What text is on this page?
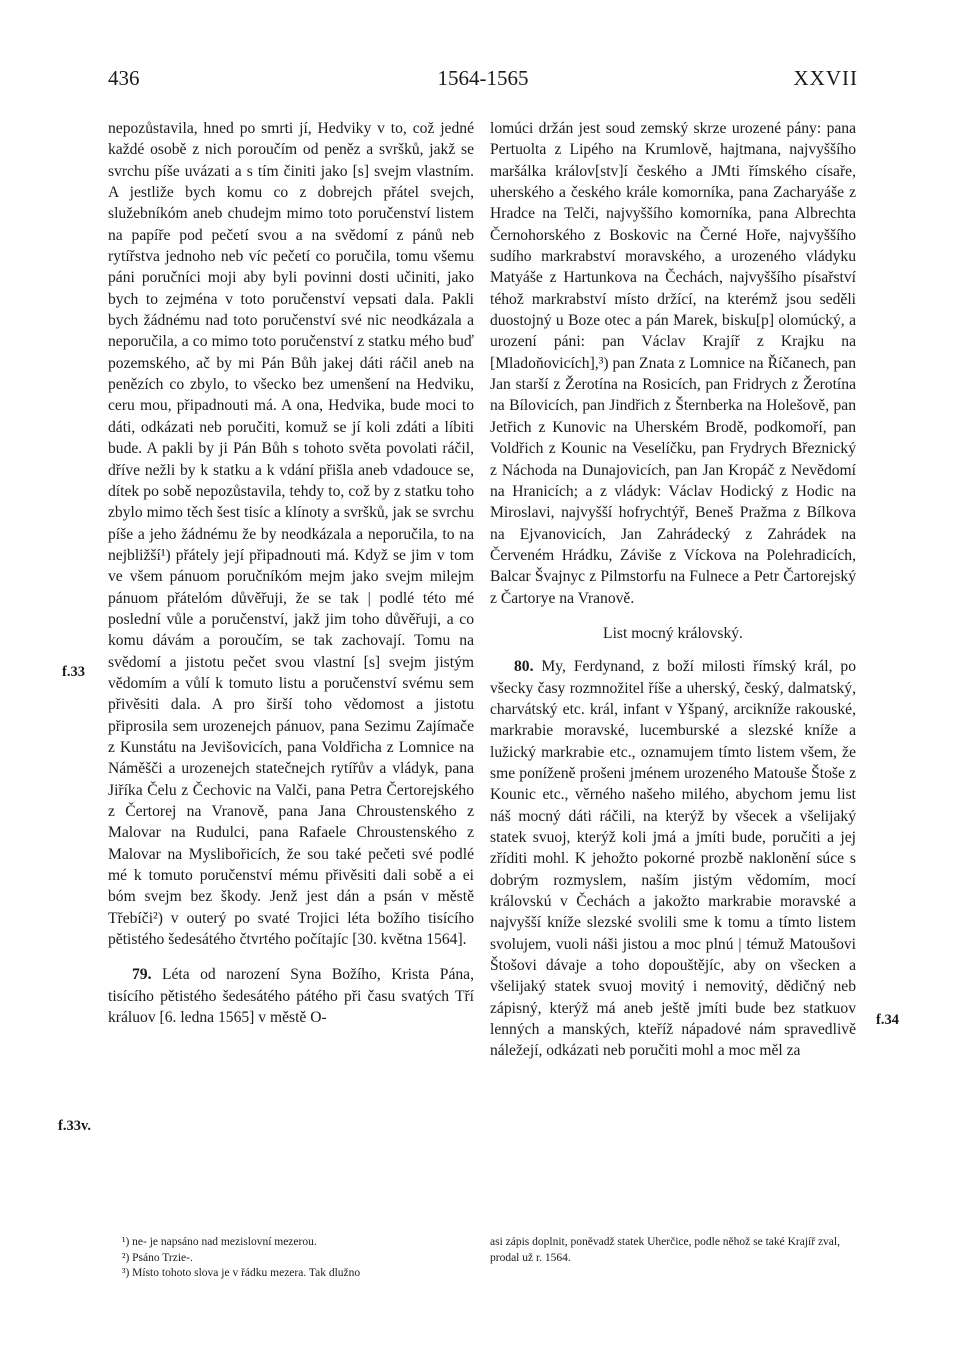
436	1564-1565	XXVII

nepozůstavila, hned po smrti jí, Hedviky v to, což jedné každé osobě z nich poroučím od peněz a svršků, jakž se svrchu píše uvázati a s tím činiti jako [s] svejm vlastním. A jestliže bych komu co z dobrejch přátel svejch, služebníkóm aneb chudejm mimo toto poručenství listem na papíře pod pečetí svou a na svědomí z pánů neb rytířstva jednoho neb víc pečetí co poručila, tomu všemu páni poručníci moji aby byli povinni dosti učiniti, jako bych to zejména v toto poručenství vepsati dala. Pakli bych žádnému nad toto poručenství své nic neodkázala a neporučila, a co mimo toto poručenství z statku mého buď pozemského, ač by mi Pán Bůh jakej dáti ráčil aneb na penězích co zbylo, to všecko bez umenšení na Hedviku, ceru mou, připadnouti má. A ona, Hedvika, bude moci to dáti, odkázati neb poručiti, komuž se jí koli zdáti a líbiti bude. A pakli by ji Pán Bůh s tohoto světa povolati ráčil, dříve nežli by k statku a k vdání přišla aneb vdadouce se, dítek po sobě nepozůstavila, tehdy to, což by z statku toho zbylo mimo těch šest tisíc a klínoty a svršků, jak se svrchu píše a jeho žádnému že by neodkázala a neporučila, to na nejbližší¹) přátely její připadnouti má. Když se jim v tom ve všem pánuom poručníkóm mejm jako svejm milejm pánuom přátelóm důvěřuji, že se tak | podlé této mé poslední vůle a poručenství, jakž jim toho důvěřuji, a co komu dávám a poroučím, se tak zachovají. Tomu na svědomí a jistotu pečet svou vlastní [s] svejm jistým vědomím a vůlí k tomuto listu a poručenství svému sem přivěsiti dala. A pro širší toho vědomost a jistotu připrosila sem urozenejch pánuov, pana Sezimu Zajímače z Kunstátu na Jevišovicích, pana Voldřicha z Lomnice na Náměšči a urozenejch statečnejch rytířův a vládyk, pana Jiříka Čelu z Čechovic na Valči, pana Petra Čertorejského z Čertorej na Vranově, pana Jana Chroustenského z Malovar na Rudulci, pana Rafaele Chroustenského z Malovar na Myslibořicích, že sou také pečeti své podlé mé k tomuto poručenství mému přivěsiti dali sobě a ei bóm svejm bez škody. Jenž jest dán a psán v městě Třebíči²) v outerý po svaté Trojici léta božího tisícího pětistého šedesátého čtvrtého počítajíc [30. května 1564].

79. Léta od narození Syna Božího, Krista Pána, tisícího pětistého šedesátého pátého při času svatých Tří králuov [6. ledna 1565] v městě O-

lomúci držán jest soud zemský skrze urozené pány: pana Pertuolta z Lipého na Krumlově, hajtmana, najvyššího maršálka králov[stv]í českého a JMti římského císaře, uherského a českého krále komorníka, pana Zacharyáše z Hradce na Telči, najvyššího komorníka, pana Albrechta Černohorského z Boskovic na Černé Hoře, najvyššího sudího markrabství moravského, a urozeného vládyku Matyáše z Hartunkova na Čechách, najvyššího písařství téhož markrabství místo držící, na kterémž jsou seděli duostojný u Boze otec a pán Marek, bisku[p] olomúcký, a urození páni: pan Václav Krajíř z Krajku na [Mladoňovicích],³) pan Znata z Lomnice na Říčanech, pan Jan starší z Žerotína na Rosicích, pan Fridrych z Žerotína na Bílovicích, pan Jindřich z Šternberka na Holešově, pan Jetřich z Kunovic na Uherském Brodě, podkomoří, pan Voldřich z Kounic na Veselíčku, pan Frydrych Březnický z Náchoda na Dunajovicích, pan Jan Kropáč z Nevědomí na Hranicích; a z vládyk: Václav Hodický z Hodic na Miroslavi, najvyšší hofrychtýř, Beneš Pražma z Bílkova na Ejvanovicích, Jan Zahrádecký z Zahrádek na Červeném Hrádku, Záviše z Víckova na Polehradicích, Balcar Švajnyc z Pilmstorfu na Fulnece a Petr Čartorejský z Čartorye na Vranově.

List mocný královský.

80. My, Ferdynand, z boží milosti římský král, po všecky časy rozmnožitel říše a uherský, český, dalmatský, charvátský etc. král, infant v Yšpaný, arcikníže rakouské, markrabie moravské, lucemburské a slezské kníže a lužický markrabie etc., oznamujem tímto listem všem, že sme poníženě prošeni jménem urozeného Matouše Štoše z Kounic etc., věrného našeho milého, abychom jemu list náš mocný dáti ráčili, na kterýž by všecek a všelijaký statek svuoj, kterýž koli jmá a jmíti bude, poručiti a jej zříditi mohl. K jehožto pokorné prozbě naklonění súce s dobrým rozmyslem, naším jistým vědomím, mocí královskú v Čechách a jakožto markrabie moravské a najvyšší kníže slezské svolili sme k tomu a tímto listem svolujem, vuoli náši jistou a moc plnú | témuž Matoušovi Štošovi dávaje a toho dopouštějíc, aby on všecken a všelijaký statek svuoj movitý i nemovitý, dědičný neb zápisný, kterýž má aneb ještě jmíti bude bez statkuov lenných a manských, kteříž nápadové nám spravedlivě náležejí, odkázati neb poručiti mohl a moc měl za

f.33
f.33v.
f.34

¹) ne- je napsáno nad mezislovní mezerou.

²) Psáno Trzie-.

³) Místo tohoto slova je v řádku mezera. Tak dlužno

asi zápis doplnit, poněvadž statek Uherčice, podle něhož se také Krajíř zval, prodal už r. 1564.
